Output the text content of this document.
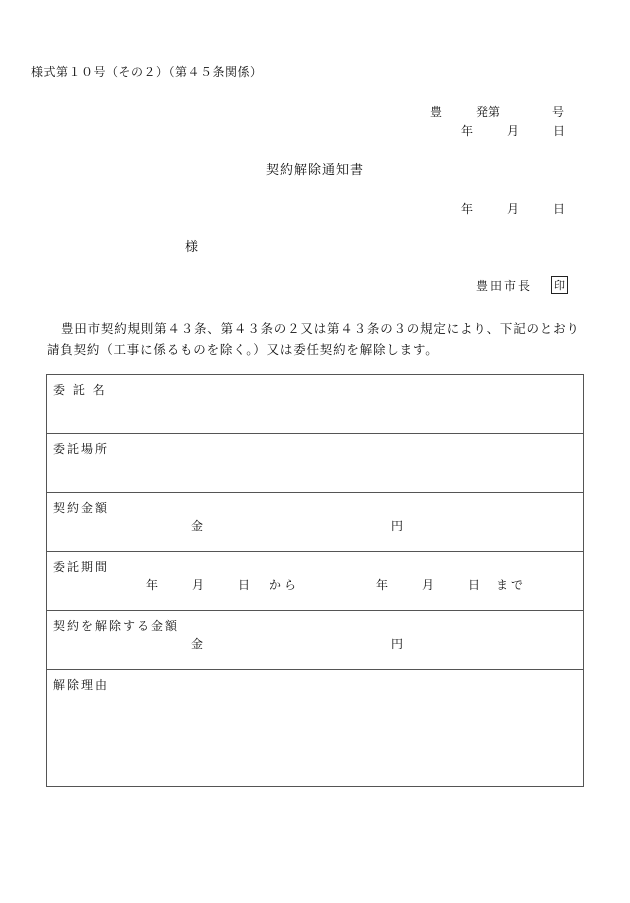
様式第１０号（その２）（第４５条関係）
豊	発第	号
年	月	日
契約解除通知書
年	月	日
様
豊田市長 印
豊田市契約規則第４３条、第４３条の２又は第４３条の３の規定により、下記のとおり請負契約（工事に係るものを除く。）又は委任契約を解除します。
委 託 名

委託場所

契約金額
金	円

委託期間
年	月	日 から	年	月	日 まで

契約を解除する金額
金	円

解除理由
